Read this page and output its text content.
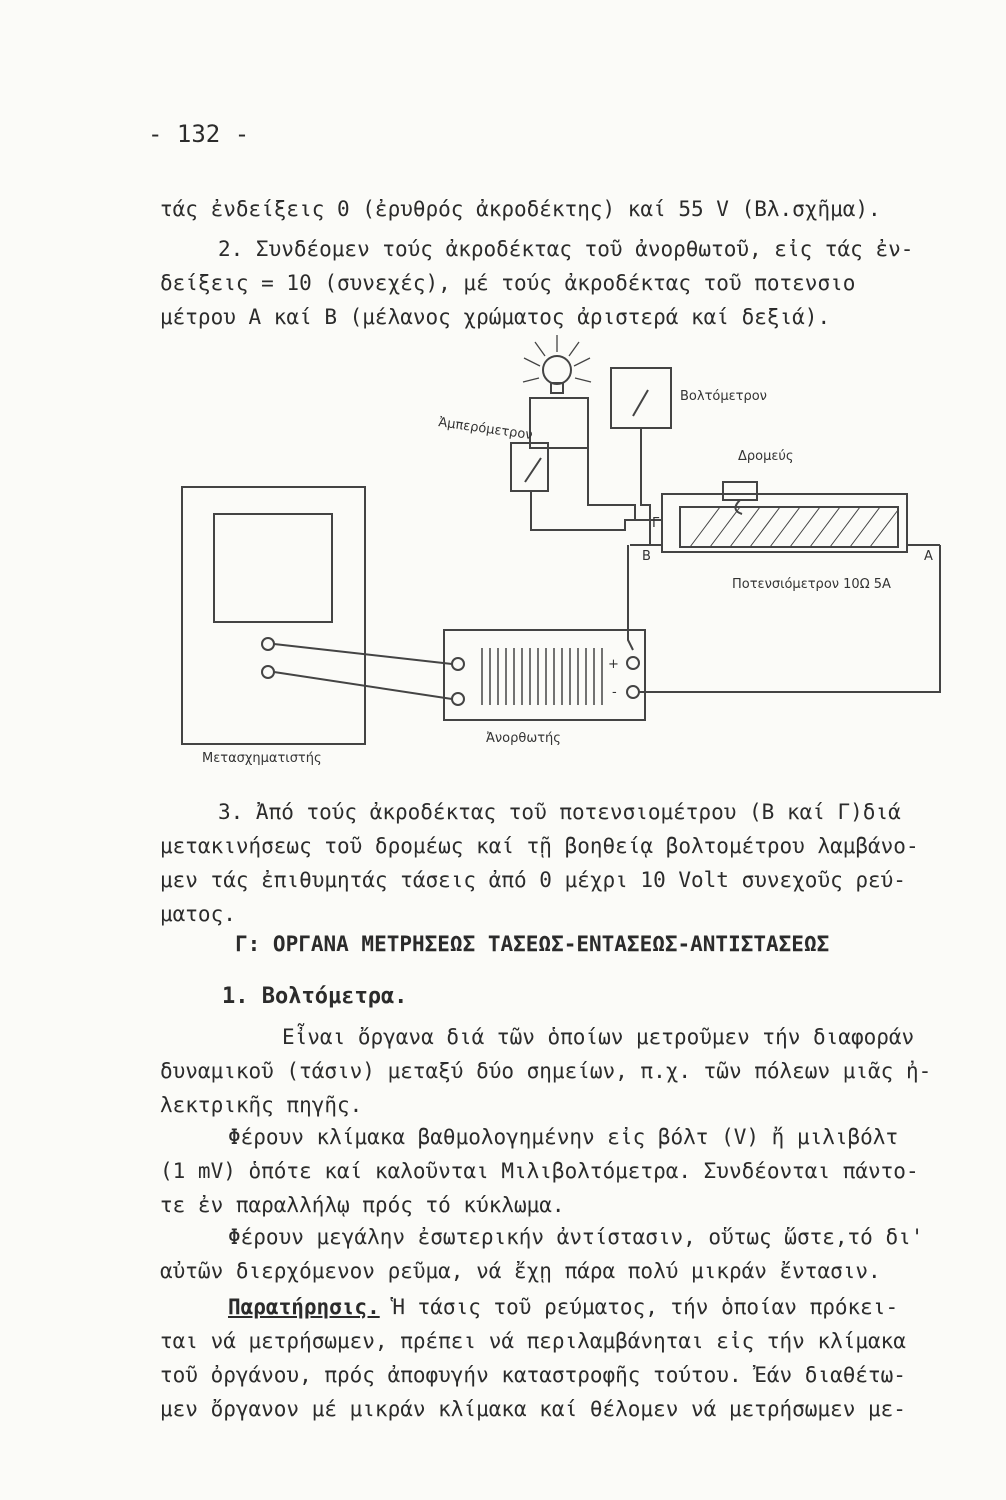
- 132 -

τάς ἐνδείξεις 0 (ἐρυθρός ἀκροδέκτης) καί 55 V (Βλ.σχῆμα).

2. Συνδέομεν τούς ἀκροδέκτας τοῦ ἀνορθωτοῦ, εἰς τάς ἐν-

δείξεις = 10 (συνεχές), μέ τούς ἀκροδέκτας τοῦ ποτενσιο

μέτρου Α καί Β (μέλανος χρώματος ἀριστερά καί δεξιά).

Ἀμπερόμετρον
Βολτόμετρον
Δρομεύς
Ποτενσιόμετρον 10Ω 5Α
Β	Α
Γ
+
-
Μετασχηματιστής
Ἀνορθωτής

3. Ἀπό τούς ἀκροδέκτας τοῦ ποτενσιομέτρου (Β καί Γ)διά

μετακινήσεως τοῦ δρομέως καί τῇ βοηθείᾳ βολτομέτρου λαμβάνο-

μεν τάς ἐπιθυμητάς τάσεις ἀπό 0 μέχρι 10 Volt συνεχοῦς ρεύ-

ματος.

Γ: ΟΡΓΑΝΑ ΜΕΤΡΗΣΕΩΣ ΤΑΣΕΩΣ-ΕΝΤΑΣΕΩΣ-ΑΝΤΙΣΤΑΣΕΩΣ
1. Βολτόμετρα.

Εἶναι ὄργανα διά τῶν ὁποίων μετροῦμεν τήν διαφοράν

δυναμικοῦ (τάσιν) μεταξύ δύο σημείων, π.χ. τῶν πόλεων μιᾶς ἠ-

λεκτρικῆς πηγῆς.

Φέρουν κλίμακα βαθμολογημένην εἰς βόλτ (V) ἤ μιλιβόλτ

(1 mV) ὁπότε καί καλοῦνται Μιλιβολτόμετρα. Συνδέονται πάντο-

τε ἐν παραλλήλῳ πρός τό κύκλωμα.

Φέρουν μεγάλην ἐσωτερικήν ἀντίστασιν, οὕτως ὥστε,τό δι'

αὐτῶν διερχόμενον ρεῦμα, νά ἔχῃ πάρα πολύ μικράν ἔντασιν.

Παρατήρησις. Ἡ τάσις τοῦ ρεύματος, τήν ὁποίαν πρόκει-

ται νά μετρήσωμεν, πρέπει νά περιλαμβάνηται εἰς τήν κλίμακα

τοῦ ὀργάνου, πρός ἀποφυγήν καταστροφῆς τούτου. Ἐάν διαθέτω-

μεν ὄργανον μέ μικράν κλίμακα καί θέλομεν νά μετρήσωμεν με-
